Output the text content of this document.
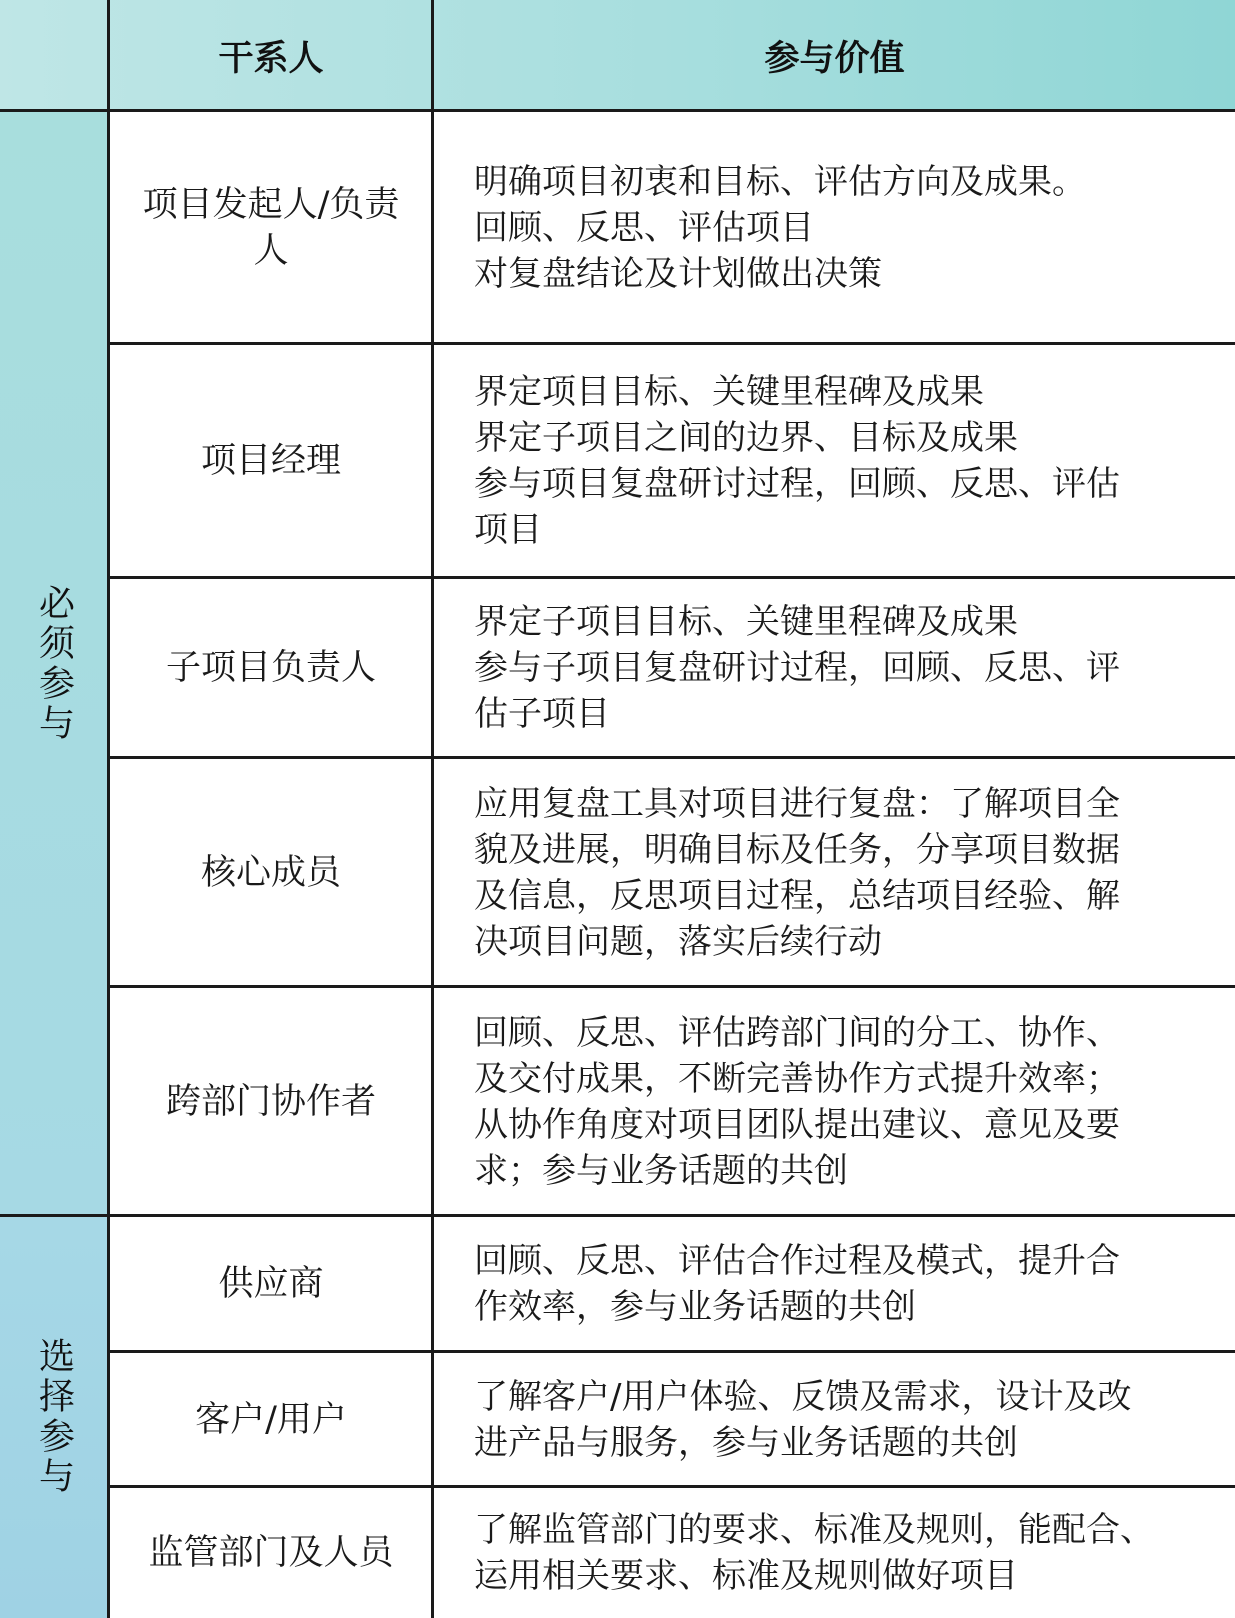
必须参与
选择参与
干系人	参与价值
项目发起人/负责人
明确项目初衷和目标、评估方向及成果。
回顾、反思、评估项目
对复盘结论及计划做出决策
项目经理
界定项目目标、关键里程碑及成果
界定子项目之间的边界、目标及成果
参与项目复盘研讨过程，回顾、反思、评估
项目
子项目负责人
界定子项目目标、关键里程碑及成果
参与子项目复盘研讨过程，回顾、反思、评
估子项目
核心成员
应用复盘工具对项目进行复盘：了解项目全
貌及进展，明确目标及任务，分享项目数据
及信息，反思项目过程，总结项目经验、解
决项目问题，落实后续行动
跨部门协作者
回顾、反思、评估跨部门间的分工、协作、
及交付成果，不断完善协作方式提升效率；
从协作角度对项目团队提出建议、意见及要
求；参与业务话题的共创
供应商
回顾、反思、评估合作过程及模式，提升合
作效率，参与业务话题的共创
客户/用户
了解客户/用户体验、反馈及需求，设计及改
进产品与服务，参与业务话题的共创
监管部门及人员
了解监管部门的要求、标准及规则，能配合、
运用相关要求、标准及规则做好项目
